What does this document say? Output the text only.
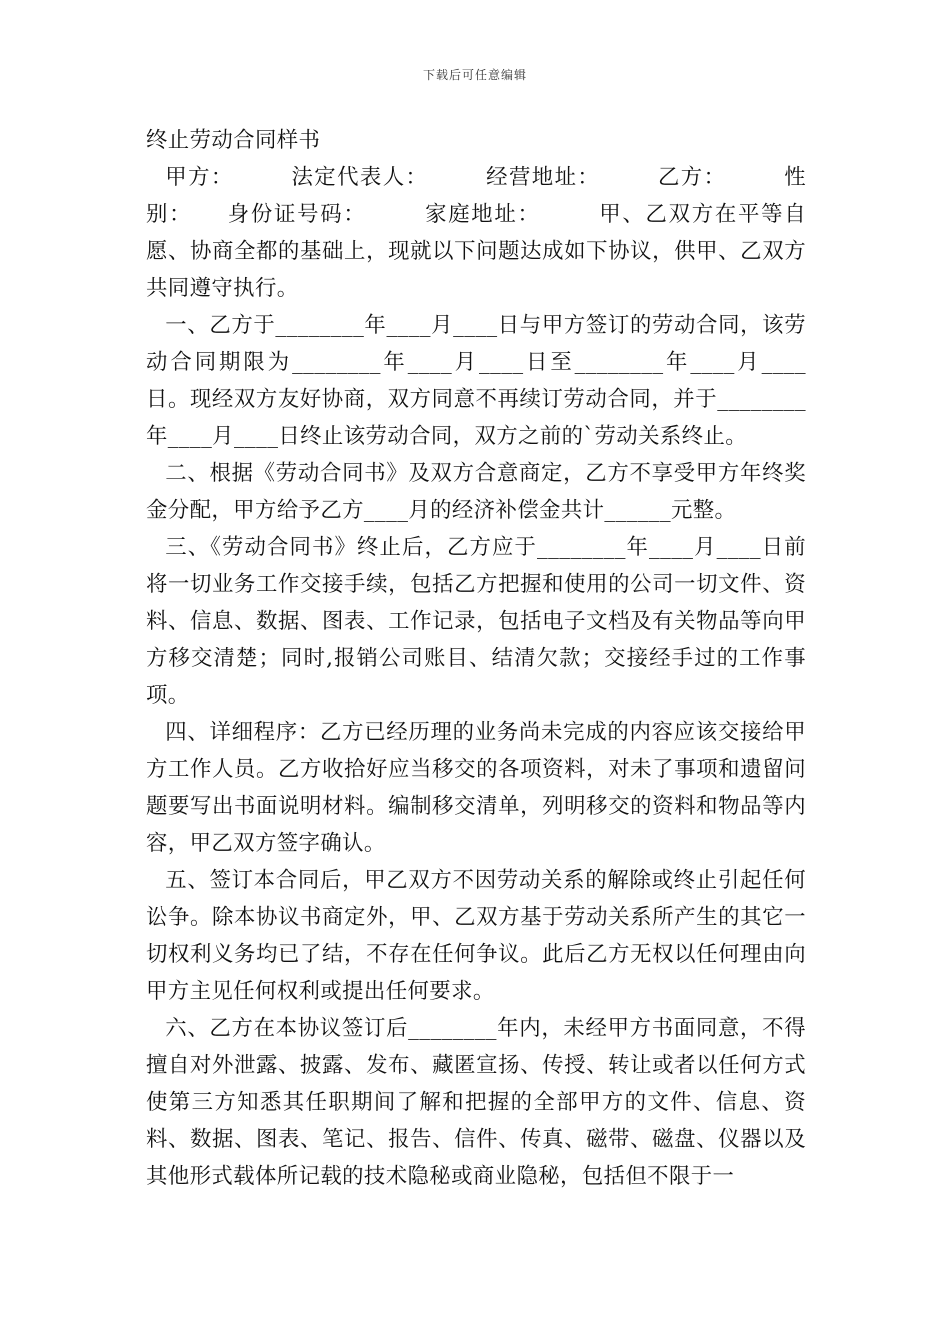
下载后可任意编辑

终止劳动合同样书

甲方：　　　法定代表人：　　　经营地址：　　　乙方：　　　性别：　　身份证号码：　　　家庭地址：　　　甲、乙双方在平等自愿、协商全都的基础上，现就以下问题达成如下协议，供甲、乙双方共同遵守执行。

一、乙方于________年____月____日与甲方签订的劳动合同，该劳动合同期限为________年____月____日至________年____月____日。现经双方友好协商，双方同意不再续订劳动合同，并于________年____月____日终止该劳动合同，双方之前的`劳动关系终止。

二、根据《劳动合同书》及双方合意商定，乙方不享受甲方年终奖金分配，甲方给予乙方____月的经济补偿金共计______元整。

三、《劳动合同书》终止后，乙方应于________年____月____日前将一切业务工作交接手续，包括乙方把握和使用的公司一切文件、资料、信息、数据、图表、工作记录，包括电子文档及有关物品等向甲方移交清楚；同时,报销公司账目、结清欠款；交接经手过的工作事项。

四、详细程序：乙方已经历理的业务尚未完成的内容应该交接给甲方工作人员。乙方收拾好应当移交的各项资料，对未了事项和遗留问题要写出书面说明材料。编制移交清单，列明移交的资料和物品等内容，甲乙双方签字确认。

五、签订本合同后，甲乙双方不因劳动关系的解除或终止引起任何讼争。除本协议书商定外，甲、乙双方基于劳动关系所产生的其它一切权利义务均已了结，不存在任何争议。此后乙方无权以任何理由向甲方主见任何权利或提出任何要求。

六、乙方在本协议签订后________年内，未经甲方书面同意，不得擅自对外泄露、披露、发布、藏匿宣扬、传授、转让或者以任何方式使第三方知悉其任职期间了解和把握的全部甲方的文件、信息、资料、数据、图表、笔记、报告、信件、传真、磁带、磁盘、仪器以及其他形式载体所记载的技术隐秘或商业隐秘，包括但不限于一
